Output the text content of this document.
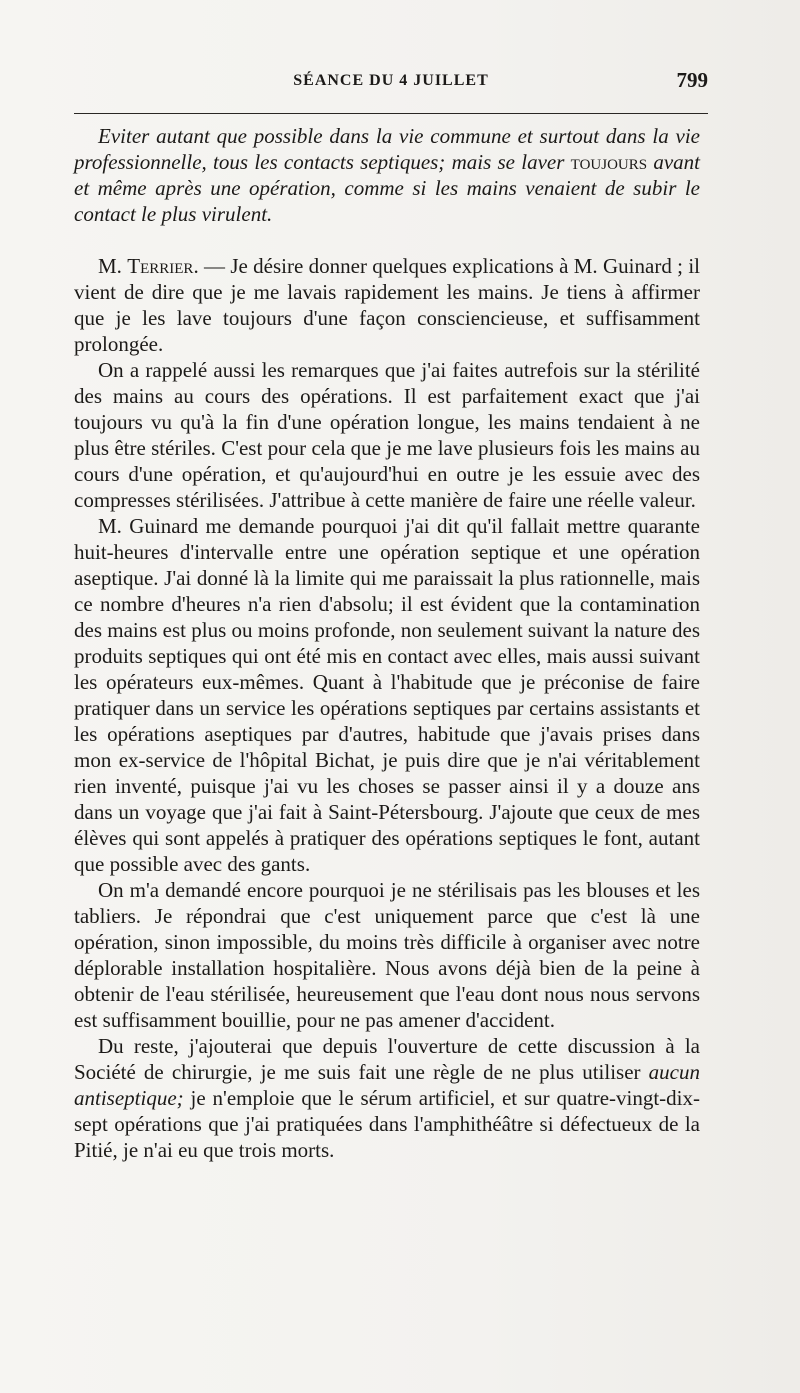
SÉANCE DU 4 JUILLET	799

Eviter autant que possible dans la vie commune et surtout dans la vie professionnelle, tous les contacts septiques; mais se laver toujours avant et même après une opération, comme si les mains venaient de subir le contact le plus virulent.

M. Terrier. — Je désire donner quelques explications à M. Guinard ; il vient de dire que je me lavais rapidement les mains. Je tiens à affirmer que je les lave toujours d'une façon consciencieuse, et suffisamment prolongée.

On a rappelé aussi les remarques que j'ai faites autrefois sur la stérilité des mains au cours des opérations. Il est parfaitement exact que j'ai toujours vu qu'à la fin d'une opération longue, les mains tendaient à ne plus être stériles. C'est pour cela que je me lave plusieurs fois les mains au cours d'une opération, et qu'aujourd'hui en outre je les essuie avec des compresses stérilisées. J'attribue à cette manière de faire une réelle valeur.

M. Guinard me demande pourquoi j'ai dit qu'il fallait mettre quarante huit-heures d'intervalle entre une opération septique et une opération aseptique. J'ai donné là la limite qui me paraissait la plus rationnelle, mais ce nombre d'heures n'a rien d'absolu; il est évident que la contamination des mains est plus ou moins profonde, non seulement suivant la nature des produits septiques qui ont été mis en contact avec elles, mais aussi suivant les opérateurs eux-mêmes. Quant à l'habitude que je préconise de faire pratiquer dans un service les opérations septiques par certains assistants et les opérations aseptiques par d'autres, habitude que j'avais prises dans mon ex-service de l'hôpital Bichat, je puis dire que je n'ai véritablement rien inventé, puisque j'ai vu les choses se passer ainsi il y a douze ans dans un voyage que j'ai fait à Saint-Pétersbourg. J'ajoute que ceux de mes élèves qui sont appelés à pratiquer des opérations septiques le font, autant que possible avec des gants.

On m'a demandé encore pourquoi je ne stérilisais pas les blouses et les tabliers. Je répondrai que c'est uniquement parce que c'est là une opération, sinon impossible, du moins très difficile à organiser avec notre déplorable installation hospitalière. Nous avons déjà bien de la peine à obtenir de l'eau stérilisée, heureusement que l'eau dont nous nous servons est suffisamment bouillie, pour ne pas amener d'accident.

Du reste, j'ajouterai que depuis l'ouverture de cette discussion à la Société de chirurgie, je me suis fait une règle de ne plus utiliser aucun antiseptique; je n'emploie que le sérum artificiel, et sur quatre-vingt-dix-sept opérations que j'ai pratiquées dans l'amphithéâtre si défectueux de la Pitié, je n'ai eu que trois morts.
